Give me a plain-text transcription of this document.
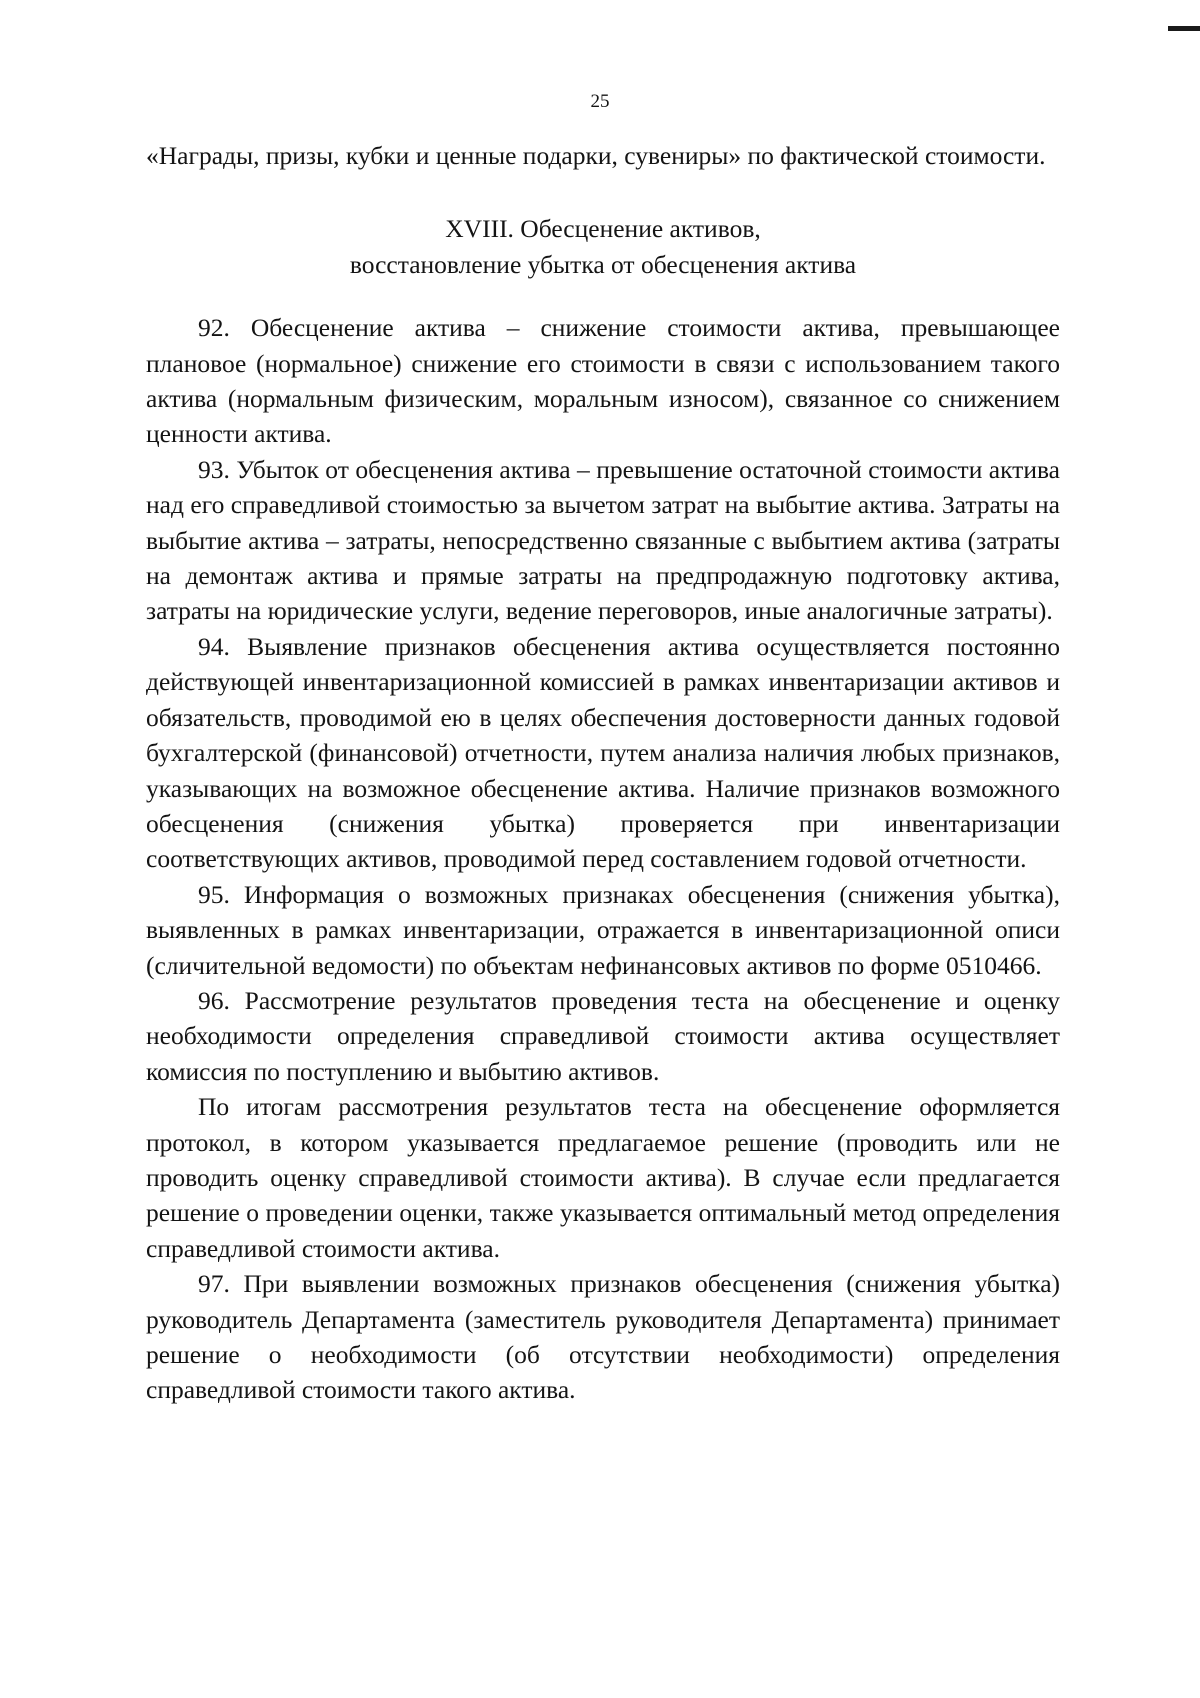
25

«Награды, призы, кубки и ценные подарки, сувениры» по фактической стоимости.

XVIII. Обесценение активов,
восстановление убытка от обесценения актива

92. Обесценение актива – снижение стоимости актива, превышающее плановое (нормальное) снижение его стоимости в связи с использованием такого актива (нормальным физическим, моральным износом), связанное со снижением ценности актива.

93. Убыток от обесценения актива – превышение остаточной стоимости актива над его справедливой стоимостью за вычетом затрат на выбытие актива. Затраты на выбытие актива – затраты, непосредственно связанные с выбытием актива (затраты на демонтаж актива и прямые затраты на предпродажную подготовку актива, затраты на юридические услуги, ведение переговоров, иные аналогичные затраты).

94. Выявление признаков обесценения актива осуществляется постоянно действующей инвентаризационной комиссией в рамках инвентаризации активов и обязательств, проводимой ею в целях обеспечения достоверности данных годовой бухгалтерской (финансовой) отчетности, путем анализа наличия любых признаков, указывающих на возможное обесценение актива. Наличие признаков возможного обесценения (снижения убытка) проверяется при инвентаризации соответствующих активов, проводимой перед составлением годовой отчетности.

95. Информация о возможных признаках обесценения (снижения убытка), выявленных в рамках инвентаризации, отражается в инвентаризационной описи (сличительной ведомости) по объектам нефинансовых активов по форме 0510466.

96. Рассмотрение результатов проведения теста на обесценение и оценку необходимости определения справедливой стоимости актива осуществляет комиссия по поступлению и выбытию активов.

По итогам рассмотрения результатов теста на обесценение оформляется протокол, в котором указывается предлагаемое решение (проводить или не проводить оценку справедливой стоимости актива). В случае если предлагается решение о проведении оценки, также указывается оптимальный метод определения справедливой стоимости актива.

97. При выявлении возможных признаков обесценения (снижения убытка) руководитель Департамента (заместитель руководителя Департамента) принимает решение о необходимости (об отсутствии необходимости) определения справедливой стоимости такого актива.
